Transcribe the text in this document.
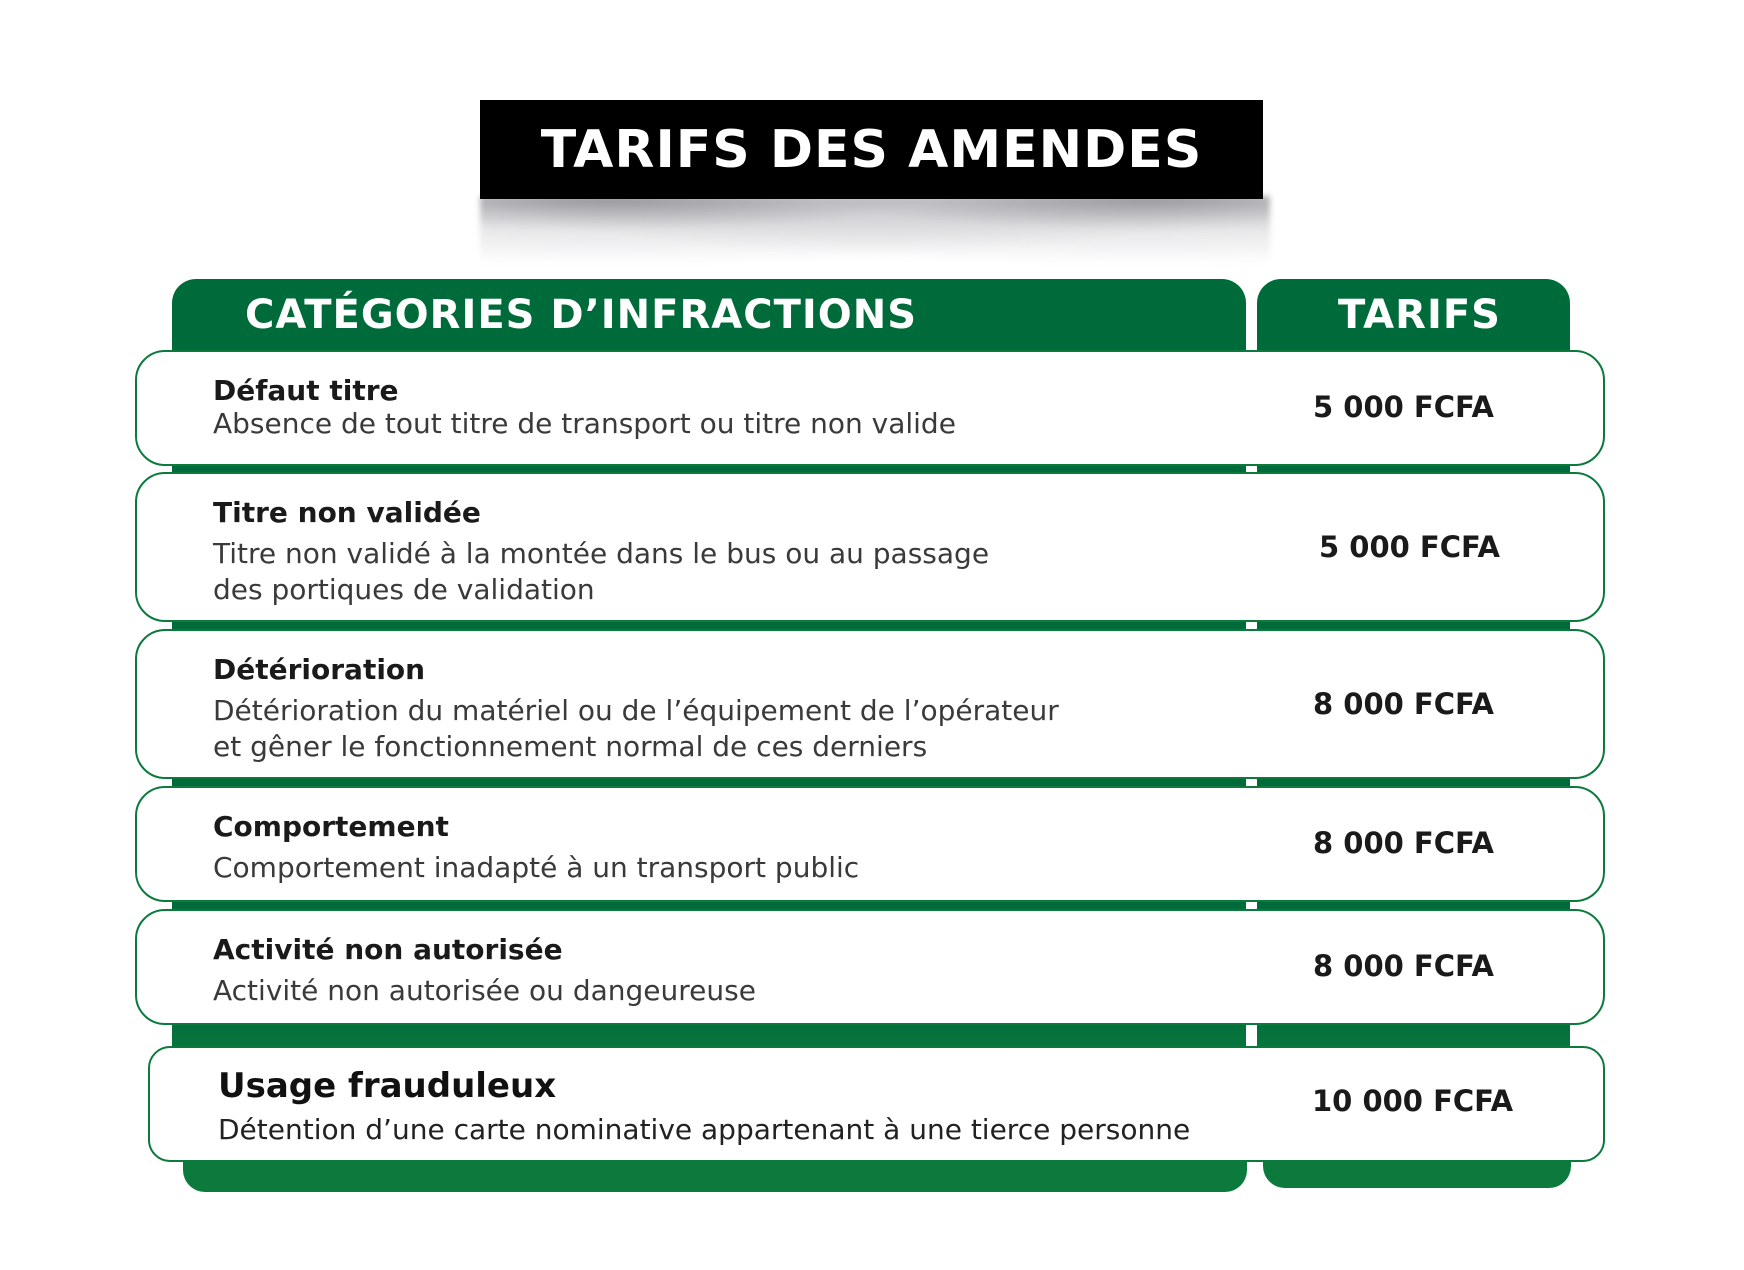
TARIFS DES AMENDES
CATÉGORIES D’INFRACTIONS	TARIFS
Défaut titre
Absence de tout titre de transport ou titre non valide	5 000 FCFA
Titre non validée
Titre non validé à la montée dans le bus ou au passage
des portiques de validation
5 000 FCFA
Détérioration
Détérioration du matériel ou de l’équipement de l’opérateur
et gêner le fonctionnement normal de ces derniers
8 000 FCFA
Comportement
Comportement inadapté à un transport public
8 000 FCFA
Activité non autorisée
Activité non autorisée ou dangeureuse
8 000 FCFA
Usage frauduleux
Détention d’une carte nominative appartenant à une tierce personne
10 000 FCFA
